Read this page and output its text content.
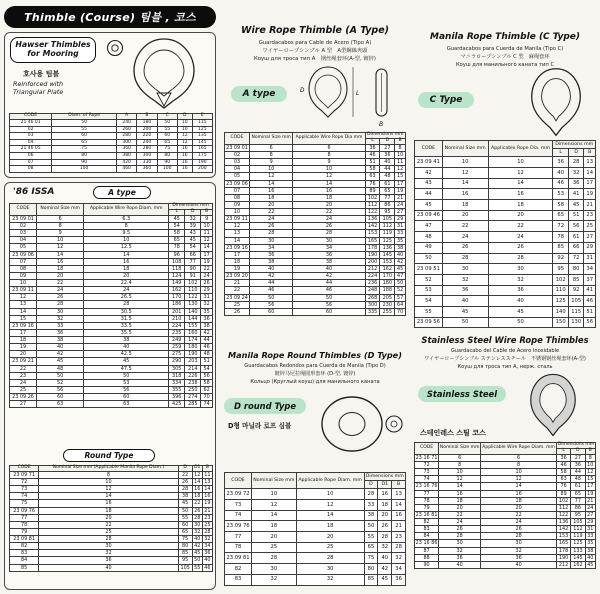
Thimble (Course) 팀블 , 코스
Hawser Thimbles for Mooring
호사용 팀블
Reinforced with Triangular Plate
CODE	Diam. of Rope	A	B	C	D	E
21 46 01	50	240	180	50	10	115
02	55	260	200	55	10	125
03	60	280	220	60	12	135
04	65	300	240	65	12	145
21 46 05	75	360	280	75	16	165
06	80	380	300	80	16	175
07	90	420	330	90	16	190
08	100	460	360	100	16	200
'86 ISSA	A type
CODE	Nominal Size mm	Applicable Wire Rope Diam. mm	Dimensions mm		
			L	D	B
23 09 01	6	6.3	45	32	9
02	8	8	54	39	10
03	9	9.5	58	43	11
04	10	10	65	45	12
05	12	12.5	78	54	14
23 09 06	14	14	96	66	17
07	16	16	108	77	19
08	18	18	118	90	22
09	20	20	124	91	24
10	22	22.4	149	102	26
23 09 11	24	24	162	110	29
12	26	26.5	170	122	31
13	28	28	186	130	32
14	30	30.5	201	140	35
15	32	31.5	210	144	36
23 09 16	33	33.5	224	155	38
17	36	35.5	235	160	42
18	38	38	249	174	44
19	40	40	259	180	46
20	42	42.5	275	190	48
23 09 21	45	45	290	203	51
22	48	47.5	305	214	54
23	50	50	318	226	56
24	52	53	334	238	58
25	56	56	355	250	62
23 09 26	60	60	396	274	70
27	63	63	425	285	74
Round Type
CODE	Nominal Size mm (Applicable Manila Rope Diam.)	D	D1	B
23 09 71	8	22	12	11
72	10	26	14	13
73	12	28	16	14
74	14	38	18	16
75	16	45	22	19
23 09 76	18	50	26	21
77	20	55	28	23
78	22	60	30	25
79	25	65	32	28
23 09 81	28	75	40	32
82	30	80	42	34
83	32	85	45	36
84	36	95	50	40
85	40	105	55	46
Wire Rope Thimble (A Type)
Guardacabos para Cable de Acero (Tipo A)
ワイヤーロープシンブル A 型　A型鋼絲夾頭
Коуш для троса тип А　钢丝绳套环(A-型, 镀锌)
A type	L
D
B
CODE	Nominal Size mm	Applicable Wire Rope Dia mm	Dimensions mm		
			L	D	B
23 09 01	6	6	36	27	8
02	8	8	46	36	10
03	9	9	51	40	11
04	10	10	58	44	12
05	12	12	63	48	15
23 09 06	14	14	76	61	17
07	16	16	89	65	19
08	18	18	102	77	21
09	20	20	112	86	24
10	22	22	122	95	27
23 09 11	24	24	136	105	29
12	26	26	142	112	31
13	28	28	153	119	33
14	30	30	165	125	35
23 09 16	34	34	178	136	38
17	36	36	190	145	40
18	38	38	200	153	42
19	40	40	212	162	45
23 09 20	42	42	224	170	47
21	44	44	236	180	50
22	46	46	248	188	52
23 09 24	50	50	268	205	57
25	56	56	300	230	64
26	60	60	335	255	70
Manila Rope Round Thimbles (D Type)
Guardacabos Redondos para Cuerda de Manila (Tipo D)
镀锌马尼拉绳圆形套环 (D-型, 镀锌)
Кольцо (Круглый коуш) для манильного каната
D round Type
D형 마닐라 로프 심블
CODE	Nominal Size mm	Applicable Rope Diam. mm	Dimensions mm		
			D	D1	B
23 09 72	10	10	28	16	13
73	12	12	33	18	14
74	14	14	38	20	16
23 09 76	18	18	50	26	21
77	20	20	55	28	23
78	25	25	65	32	28
23 09 81	28	28	75	40	32
82	30	30	80	42	34
83	32	32	85	45	36
Manila Rope Thimble (C Type)
Guardacabos para Cuerda de Manila (Tipo C)
マニラロープシンブル C 型　麻绳套环
Коуш для манильного каната тип С
C Type
CODE	Nominal Size mm	Applicable Rope Dia. mm	Dimensions mm		
			L	D	B
23 09 41	10	10	36	28	13
42	12	12	40	32	14
43	14	14	46	36	17
44	16	16	53	41	19
45	18	18	58	45	21
23 09 46	20	20	65	51	23
47	22	22	72	56	25
48	24	24	78	61	27
49	26	26	85	66	29
50	28	28	92	72	31
23 09 51	30	30	95	80	34
52	32	32	102	85	37
53	36	36	110	92	41
54	40	40	125	105	46
55	45	45	140	115	51
23 09 56	50	50	150	130	56
Stainless Steel Wire Rope Thimbles
Guardacabo del Cable de Acero Inoxidable
ワイヤーロープシンブル ステンレススチール　不锈钢钢丝绳套环(A-型)
Коуш для троса тип А, нерж. сталь
Stainless Steel
스테인레스 스틸 코스
CODE	Nominal Size mm	Applicable Wire Rope Diam. mm	Dimensions mm		
			L	D	B
23 16 71	6	6	36	27	8
72	8	8	46	36	10
73	10	10	58	44	12
74	12	12	63	48	15
23 16 76	14	14	76	61	17
77	16	16	89	65	19
78	18	18	102	77	21
79	20	20	112	86	24
23 16 81	22	22	122	95	27
82	24	24	136	105	29
83	26	26	142	112	31
84	28	28	153	119	33
23 16 86	30	30	165	125	35
87	32	32	178	133	38
88	36	36	190	145	40
90	40	40	212	162	45
